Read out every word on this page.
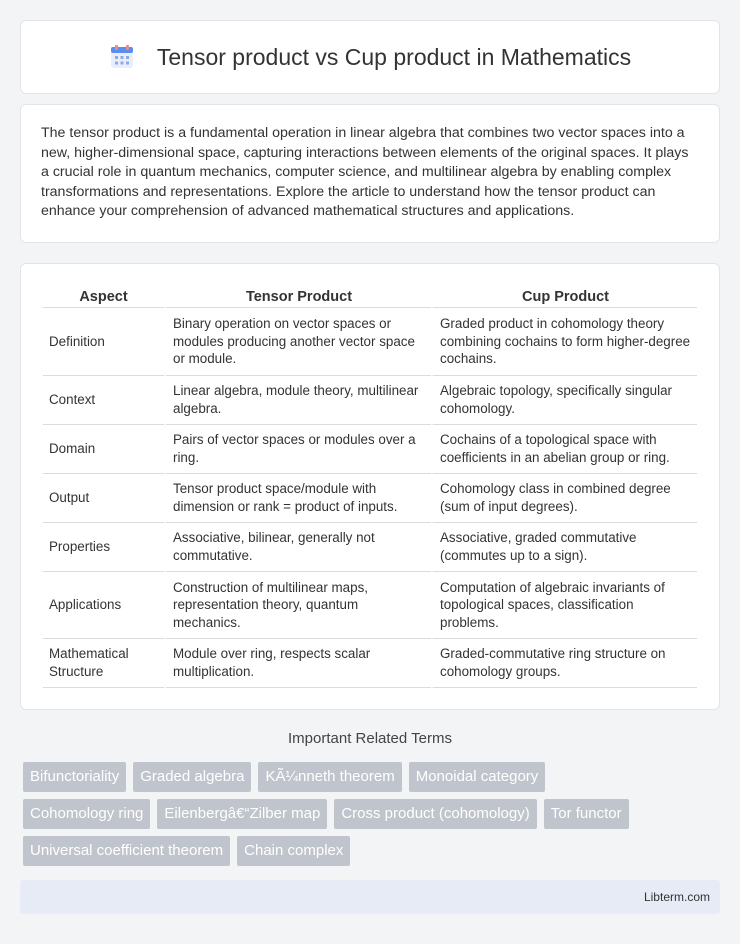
Tensor product vs Cup product in Mathematics

The tensor product is a fundamental operation in linear algebra that combines two vector spaces into a new, higher-dimensional space, capturing interactions between elements of the original spaces. It plays a crucial role in quantum mechanics, computer science, and multilinear algebra by enabling complex transformations and representations. Explore the article to understand how the tensor product can enhance your comprehension of advanced mathematical structures and applications.

Aspect	Tensor Product	Cup Product
Definition	Binary operation on vector spaces or modules producing another vector space or module.	Graded product in cohomology theory combining cochains to form higher-degree cochains.
Context	Linear algebra, module theory, multilinear algebra.	Algebraic topology, specifically singular cohomology.
Domain	Pairs of vector spaces or modules over a ring.	Cochains of a topological space with coefficients in an abelian group or ring.
Output	Tensor product space/module with dimension or rank = product of inputs.	Cohomology class in combined degree (sum of input degrees).
Properties	Associative, bilinear, generally not commutative.	Associative, graded commutative (commutes up to a sign).
Applications	Construction of multilinear maps, representation theory, quantum mechanics.	Computation of algebraic invariants of topological spaces, classification problems.
Mathematical Structure	Module over ring, respects scalar multiplication.	Graded-commutative ring structure on cohomology groups.
Important Related Terms
Bifunctoriality	Graded algebra	KÃ¼nneth theorem	Monoidal category
Cohomology ring	Eilenbergâ€“Zilber map	Cross product (cohomology)	Tor functor
Universal coefficient theorem	Chain complex
Libterm.com
